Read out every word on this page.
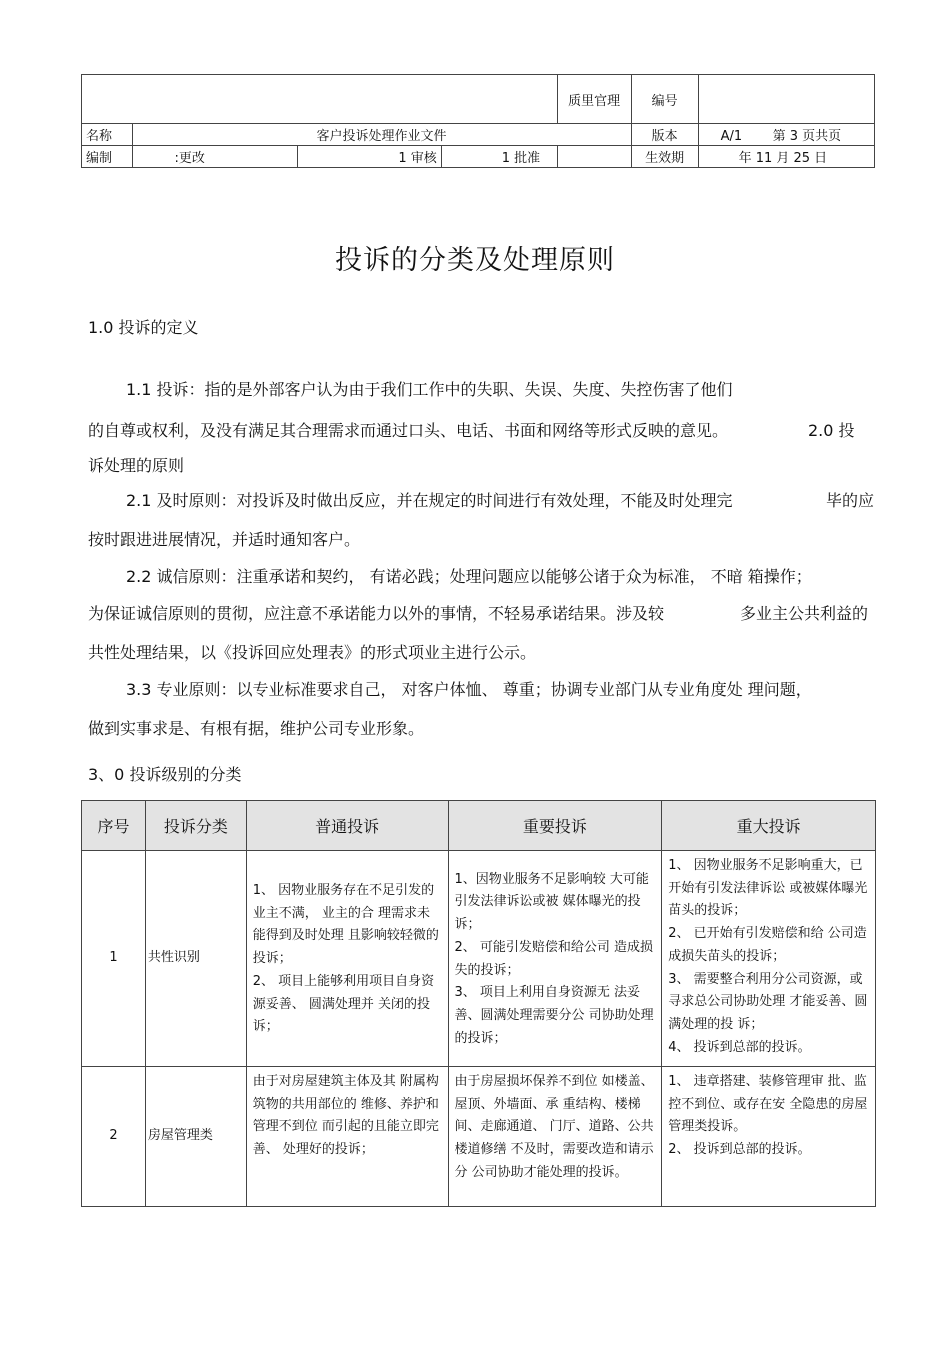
				质里官理	编号	
名称	客户投诉处理作业文件				版本	A/1 第 3 页共页
编制	:更改	1 审核	1 批准		生效期	年 11 月 25 日
投诉的分类及处理原则
1.0 投诉的定义
1.1 投诉：指的是外部客户认为由于我们工作中的失职、失误、失度、失控伤害了他们
的自尊或权利，及没有满足其合理需求而通过口头、电话、书面和网络等形式反映的意见。	2.0 投
诉处理的原则
2.1 及时原则：对投诉及时做出反应，并在规定的时间进行有效处理，不能及时处理完	毕的应
按时跟进进展情况，并适时通知客户。
2.2 诚信原则：注重承诺和契约， 有诺必践；处理问题应以能够公诸于众为标准， 不暗 箱操作；
为保证诚信原则的贯彻，应注意不承诺能力以外的事情，不轻易承诺结果。涉及较	多业主公共利益的
共性处理结果，以《投诉回应处理表》的形式项业主进行公示。
3.3 专业原则：以专业标准要求自己， 对客户体恤、 尊重；协调专业部门从专业角度处 理问题，
做到实事求是、有根有据，维护公司专业形象。
3、0 投诉级别的分类
序号	投诉分类	普通投诉	重要投诉	重大投诉
1	共性识别	1、 因物业服务存在不足引发的业主不满， 业主的合 理需求未能得到及时处理 且影响较轻微的投诉；
2、 项目上能够利用项目自身资源妥善、 圆满处理并 关闭的投诉；	1、因物业服务不足影响较 大可能引发法律诉讼或被 媒体曝光的投诉；
2、 可能引发赔偿和给公司 造成损失的投诉；
3、 项目上利用自身资源无 法妥善、圆满处理需要分公 司协助处理的投诉；	1、 因物业服务不足影响重大，已开始有引发法律诉讼 或被媒体曝光苗头的投诉；
2、 已开始有引发赔偿和给 公司造成损失苗头的投诉；
3、 需要整合利用分公司资源，或寻求总公司协助处理 才能妥善、圆满处理的投 诉；
4、 投诉到总部的投诉。
2	房屋管理类	由于对房屋建筑主体及其 附属构筑物的共用部位的 维修、养护和管理不到位 而引起的且能立即完善、 处理好的投诉；	由于房屋损坏保养不到位 如楼盖、屋顶、外墙面、承 重结构、楼梯间、走廊通道、 门厅、道路、公共楼道修缮 不及时，需要改造和请示分 公司协助才能处理的投诉。	1、 违章搭建、装修管理审 批、监控不到位、或存在安 全隐患的房屋管理类投诉。
2、 投诉到总部的投诉。
